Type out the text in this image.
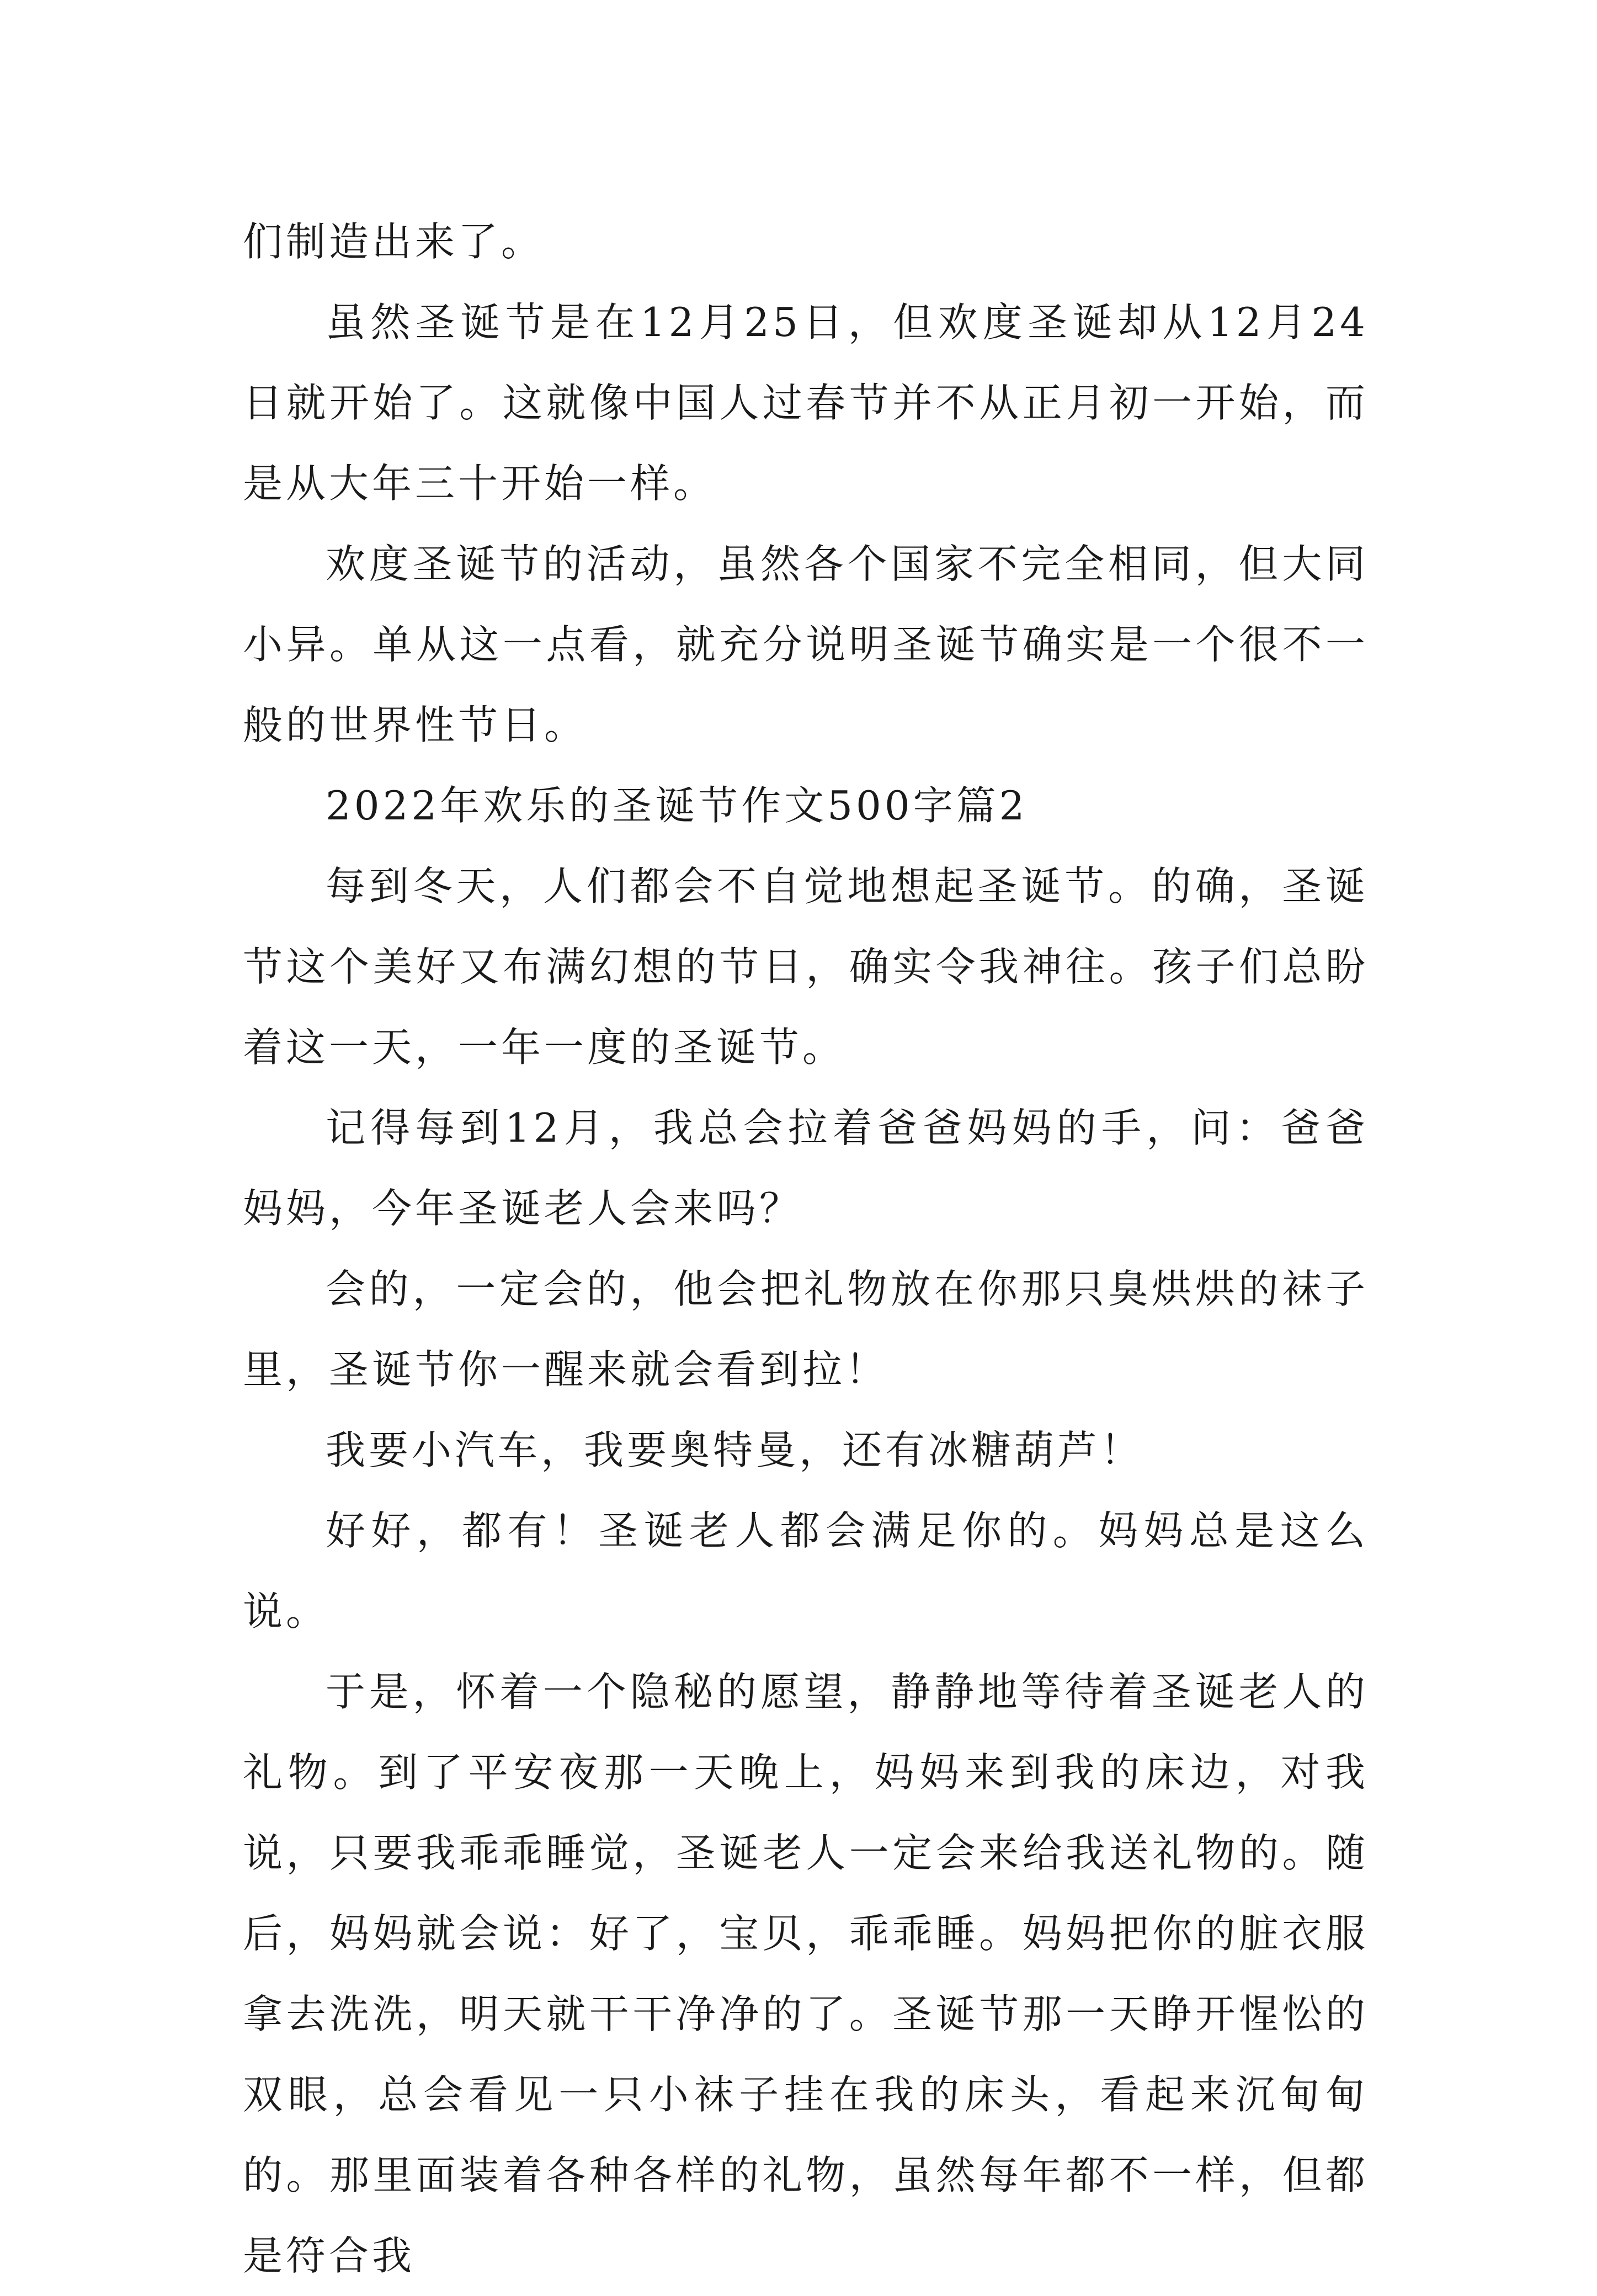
们制造出来了。

虽然圣诞节是在12月25日，但欢度圣诞却从12月24日就开始了。这就像中国人过春节并不从正月初一开始，而是从大年三十开始一样。

欢度圣诞节的活动，虽然各个国家不完全相同，但大同小异。单从这一点看，就充分说明圣诞节确实是一个很不一般的世界性节日。

2022年欢乐的圣诞节作文500字篇2

每到冬天，人们都会不自觉地想起圣诞节。的确，圣诞节这个美好又布满幻想的节日，确实令我神往。孩子们总盼着这一天，一年一度的圣诞节。

记得每到12月，我总会拉着爸爸妈妈的手，问：爸爸妈妈，今年圣诞老人会来吗？

会的，一定会的，他会把礼物放在你那只臭烘烘的袜子里，圣诞节你一醒来就会看到拉！

我要小汽车，我要奥特曼，还有冰糖葫芦！

好好，都有！圣诞老人都会满足你的。妈妈总是这么说。

于是，怀着一个隐秘的愿望，静静地等待着圣诞老人的礼物。到了平安夜那一天晚上，妈妈来到我的床边，对我说，只要我乖乖睡觉，圣诞老人一定会来给我送礼物的。随后，妈妈就会说：好了，宝贝，乖乖睡。妈妈把你的脏衣服拿去洗洗，明天就干干净净的了。圣诞节那一天睁开惺忪的双眼，总会看见一只小袜子挂在我的床头，看起来沉甸甸的。那里面装着各种各样的礼物，虽然每年都不一样，但都是符合我
